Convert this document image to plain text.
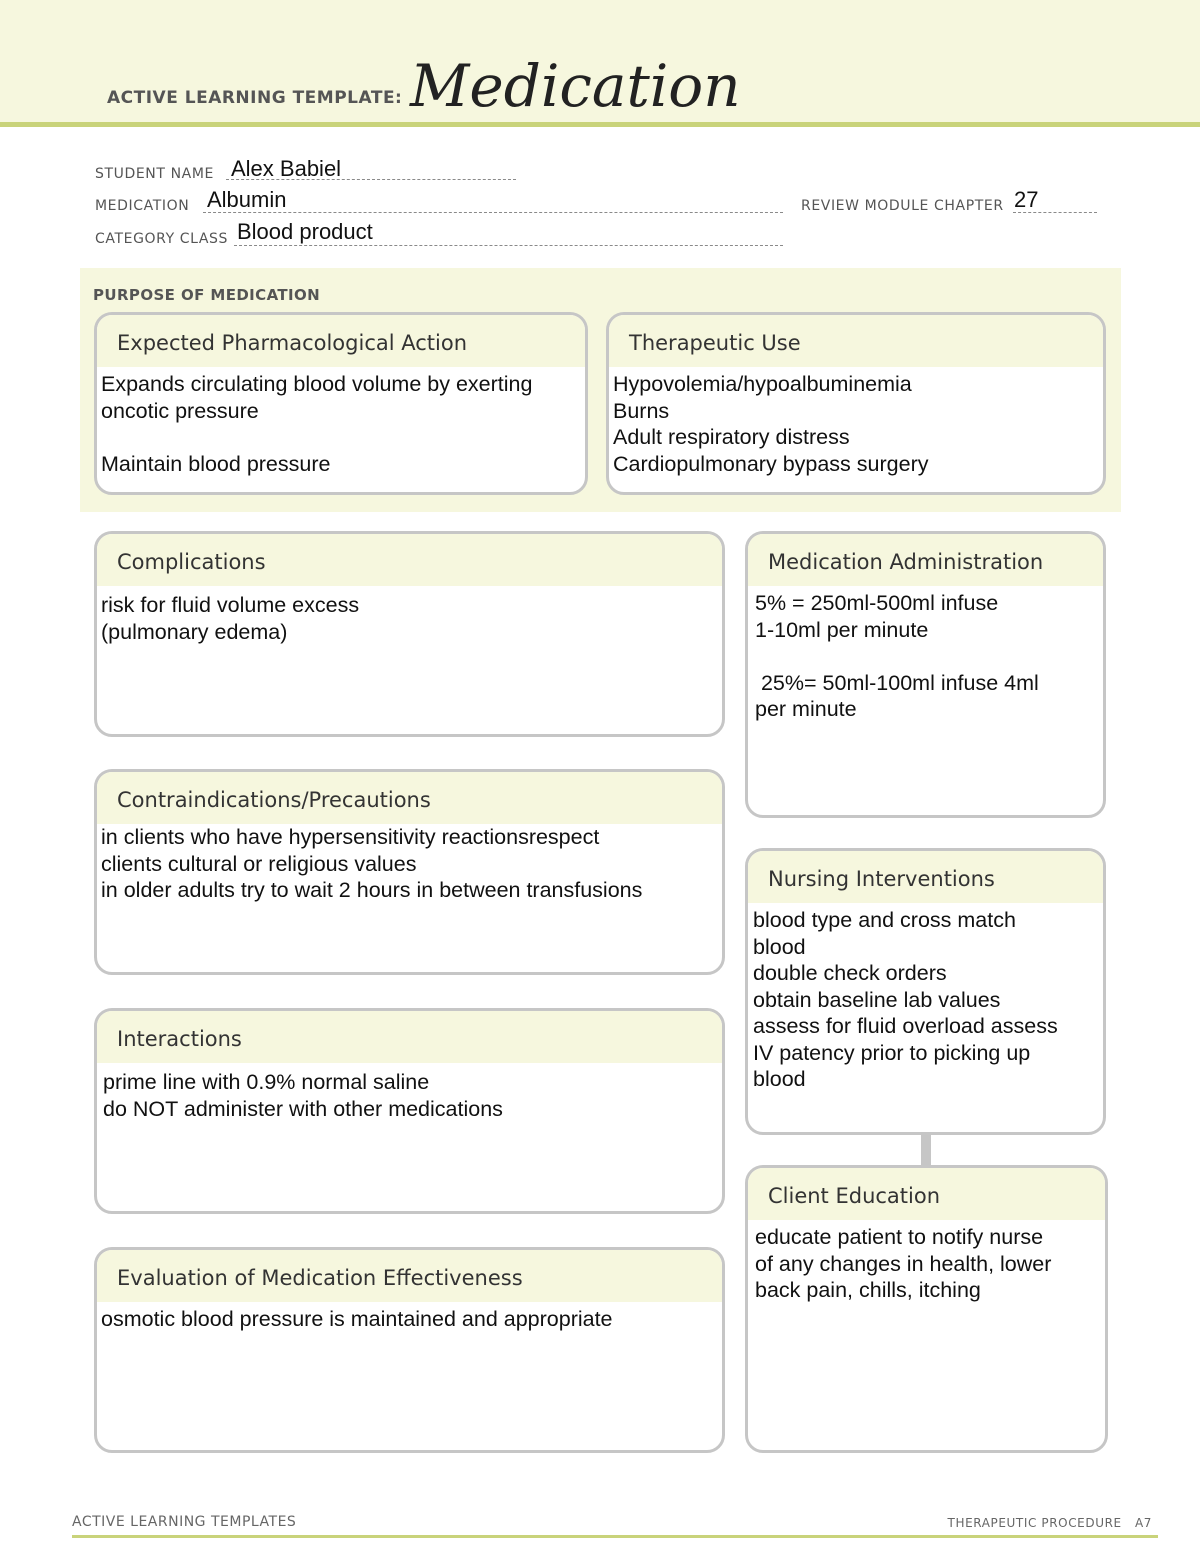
ACTIVE LEARNING TEMPLATE: Medication
STUDENT NAME Alex Babiel
MEDICATION Albumin	REVIEW MODULE CHAPTER 27
CATEGORY CLASS Blood product
PURPOSE OF MEDICATION
Expected Pharmacological Action
Expands circulating blood volume by exerting
oncotic pressure
Maintain blood pressure
Therapeutic Use
Hypovolemia/hypoalbuminemia
Burns
Adult respiratory distress
Cardiopulmonary bypass surgery
Complications
risk for fluid volume excess
(pulmonary edema)
Contraindications/Precautions
in clients who have hypersensitivity reactionsrespect
clients cultural or religious values
in older adults try to wait 2 hours in between transfusions
Interactions
prime line with 0.9% normal saline
do NOT administer with other medications
Evaluation of Medication Effectiveness
osmotic blood pressure is maintained and appropriate
Medication Administration
5% = 250ml-500ml infuse
1-10ml per minute
25%= 50ml-100ml infuse 4ml
per minute
Nursing Interventions
blood type and cross match
blood
double check orders
obtain baseline lab values
assess for fluid overload assess
IV patency prior to picking up
blood
Client Education
educate patient to notify nurse
of any changes in health, lower
back pain, chills, itching
ACTIVE LEARNING TEMPLATES	THERAPEUTIC PROCEDURE   A7
